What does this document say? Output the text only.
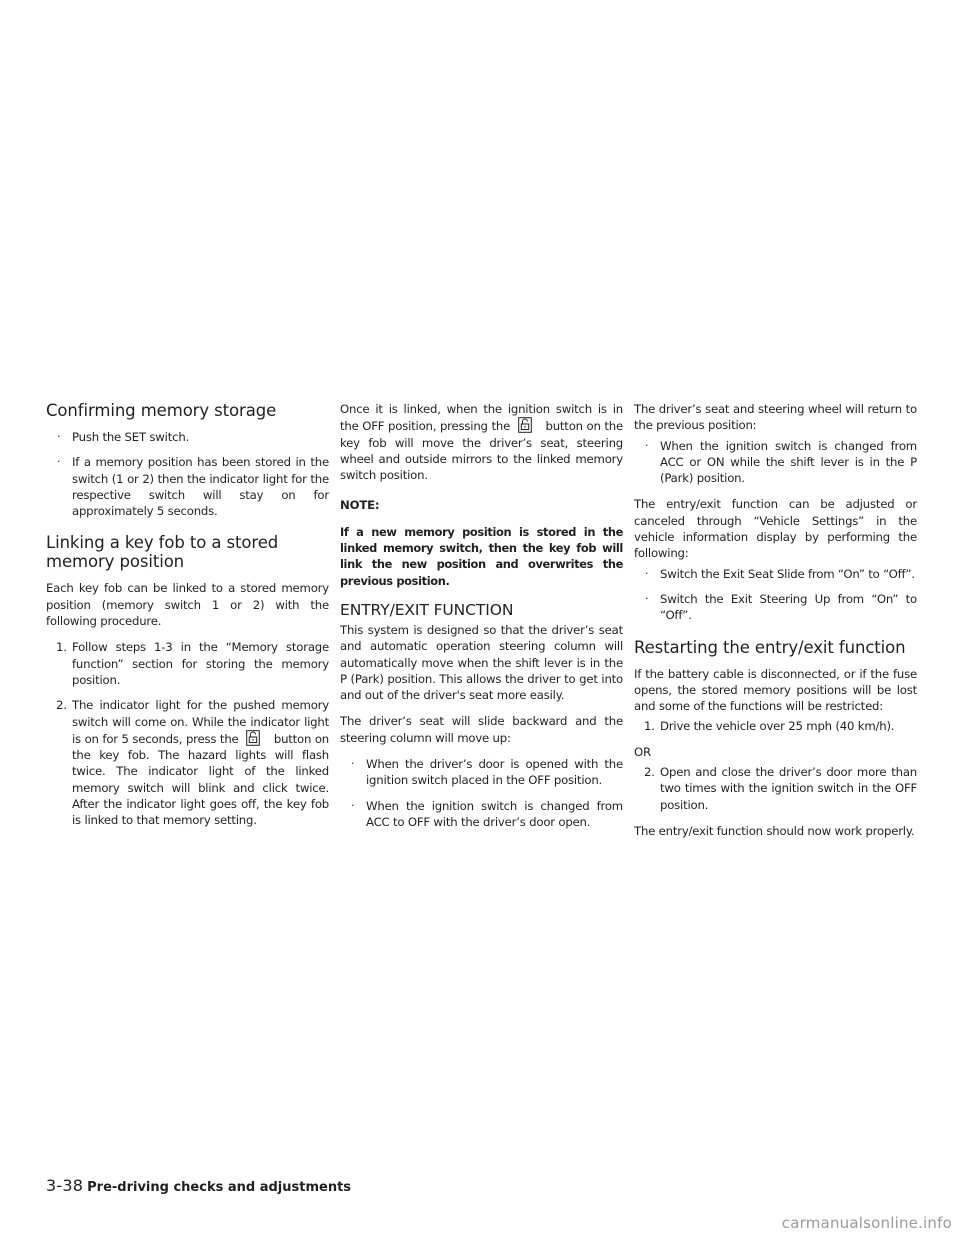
Confirming memory storage
· Push the SET switch.
· If a memory position has been stored in the switch (1 or 2) then the indicator light for the respective switch will stay on for approximately 5 seconds.
Linking a key fob to a stored memory position

Each key fob can be linked to a stored memory position (memory switch 1 or 2) with the following procedure.

1. Follow steps 1-3 in the “Memory storage function” section for storing the memory position.
2. The indicator light for the pushed memory switch will come on. While the indicator light is on for 5 seconds, press the	button on the key fob. The hazard lights will flash twice. The indicator light of the linked memory switch will blink and click twice. After the indicator light goes off, the key fob is linked to that memory setting.

Once it is linked, when the ignition switch is in the OFF position, pressing the	button on the key fob will move the driver’s seat, steering wheel and outside mirrors to the linked memory switch position.

NOTE:

If a new memory position is stored in the linked memory switch, then the key fob will link the new position and overwrites the previous position.

ENTRY/EXIT FUNCTION

This system is designed so that the driver’s seat and automatic operation steering column will automatically move when the shift lever is in the P (Park) position. This allows the driver to get into and out of the driver's seat more easily.

The driver’s seat will slide backward and the steering column will move up:

· When the driver’s door is opened with the ignition switch placed in the OFF position.
· When the ignition switch is changed from ACC to OFF with the driver’s door open.

The driver’s seat and steering wheel will return to the previous position:

· When the ignition switch is changed from ACC or ON while the shift lever is in the P (Park) position.

The entry/exit function can be adjusted or canceled through “Vehicle Settings” in the vehicle information display by performing the following:

· Switch the Exit Seat Slide from “On” to “Off”.
· Switch the Exit Steering Up from “On” to “Off”.
Restarting the entry/exit function

If the battery cable is disconnected, or if the fuse opens, the stored memory positions will be lost and some of the functions will be restricted:

1. Drive the vehicle over 25 mph (40 km/h).

OR

2. Open and close the driver’s door more than two times with the ignition switch in the OFF position.

The entry/exit function should now work properly.

3-38 Pre-driving checks and adjustments
carmanualsonline.info
